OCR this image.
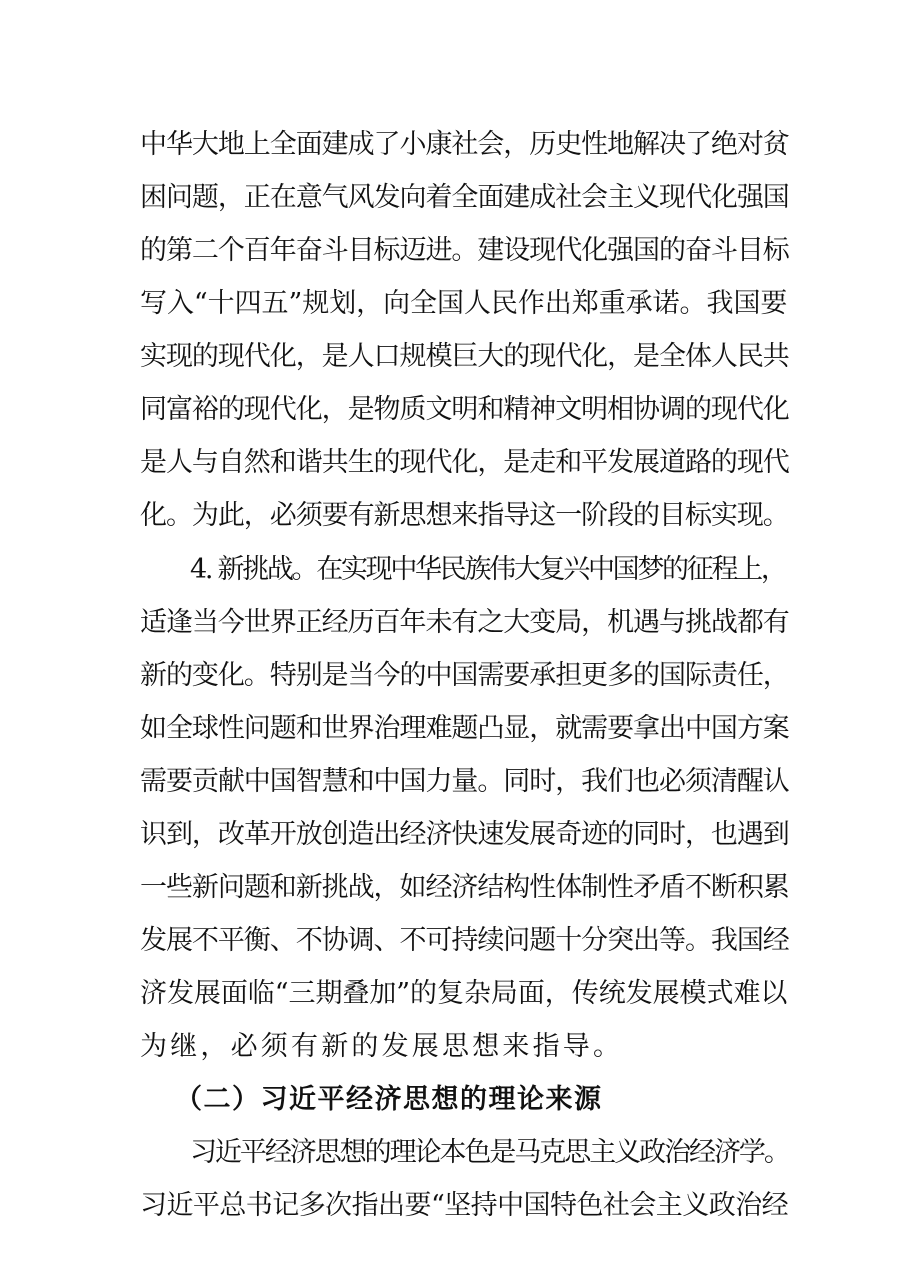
中华大地上全面建成了小康社会，历史性地解决了绝对贫
困问题，正在意气风发向着全面建成社会主义现代化强国
的第二个百年奋斗目标迈进。建设现代化强国的奋斗目标
写入“十四五”规划，向全国人民作出郑重承诺。我国要
实现的现代化，是人口规模巨大的现代化，是全体人民共
同富裕的现代化，是物质文明和精神文明相协调的现代化
是人与自然和谐共生的现代化，是走和平发展道路的现代
化。为此，必须要有新思想来指导这一阶段的目标实现。
4. 新挑战。在实现中华民族伟大复兴中国梦的征程上，
适逢当今世界正经历百年未有之大变局，机遇与挑战都有
新的变化。特别是当今的中国需要承担更多的国际责任，
如全球性问题和世界治理难题凸显，就需要拿出中国方案
需要贡献中国智慧和中国力量。同时，我们也必须清醒认
识到，改革开放创造出经济快速发展奇迹的同时，也遇到
一些新问题和新挑战，如经济结构性体制性矛盾不断积累
发展不平衡、不协调、不可持续问题十分突出等。我国经
济发展面临“三期叠加”的复杂局面，传统发展模式难以
为继，必须有新的发展思想来指导。
（二）习近平经济思想的理论来源
习近平经济思想的理论本色是马克思主义政治经济学。
习近平总书记多次指出要“坚持中国特色社会主义政治经
